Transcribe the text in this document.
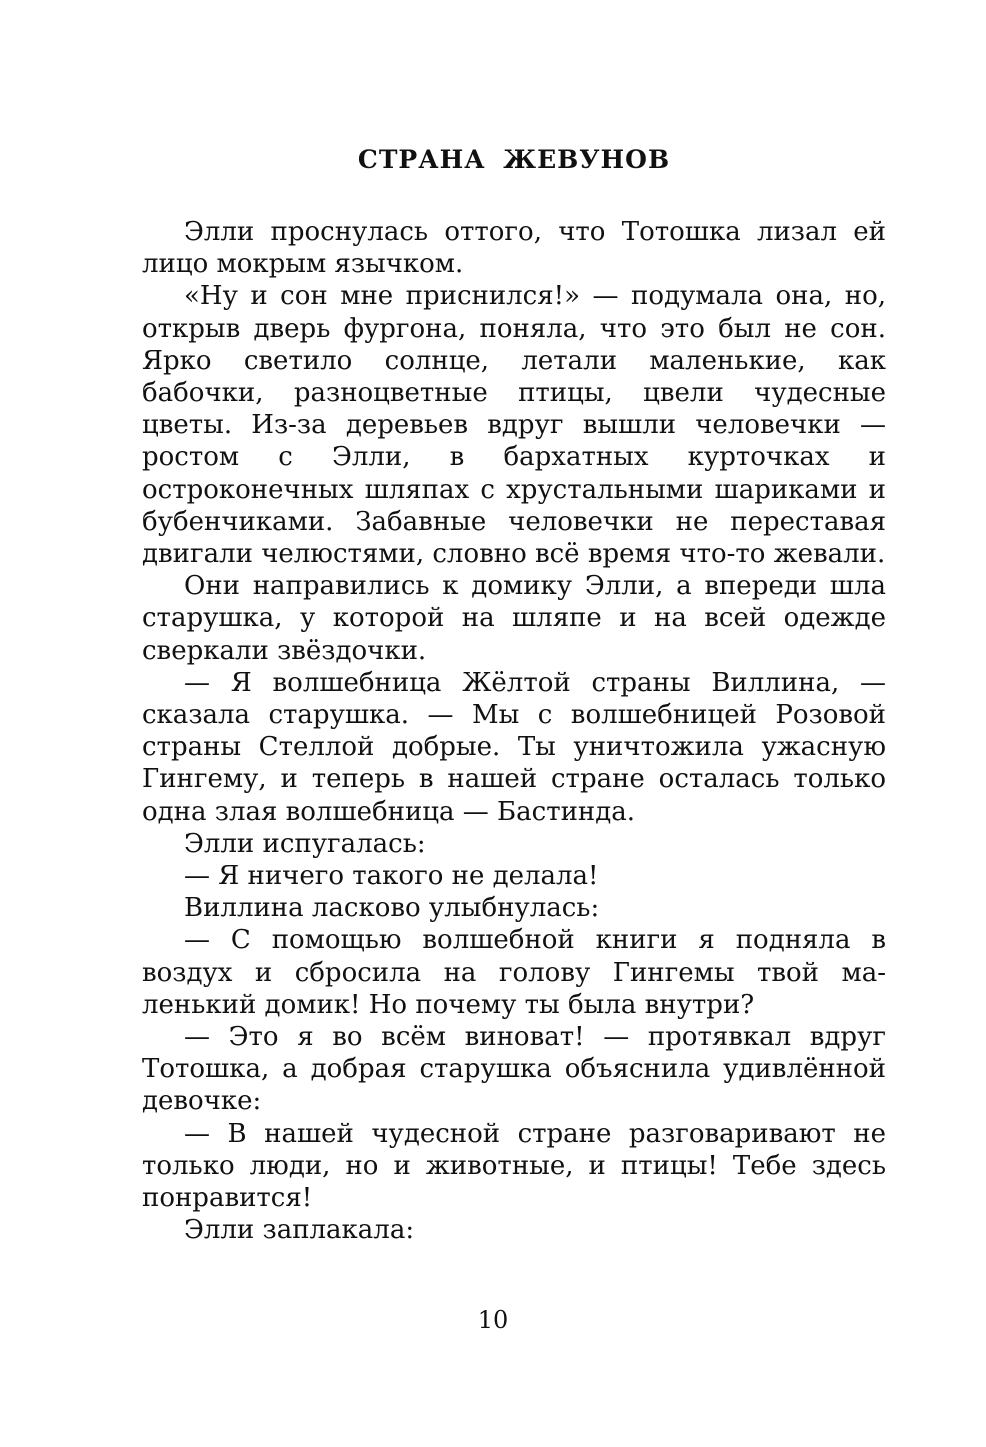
СТРАНА ЖЕВУНОВ

Элли проснулась оттого, что Тотошка лизал ей лицо мокрым язычком.

«Ну и сон мне приснился!» — подумала она, но, открыв дверь фургона, поняла, что это был не сон. Ярко светило солнце, летали маленькие, как бабочки, разноцветные птицы, цвели чудесные цветы. Из-за деревьев вдруг вышли человечки — ростом с Элли, в бархатных курточках и остроконечных шляпах с хрустальными шариками и бубенчиками. Забавные человечки не переставая двигали челюстями, словно всё время что-то жевали.

Они направились к домику Элли, а впереди шла старушка, у которой на шляпе и на всей одежде сверкали звёздочки.

— Я волшебница Жёлтой страны Виллина, — сказала старушка. — Мы с волшебницей Розовой страны Стеллой добрые. Ты уничтожила ужасную Гингему, и теперь в нашей стране осталась только одна злая волшебница — Бастинда.

Элли испугалась:

— Я ничего такого не делала!

Виллина ласково улыбнулась:

— С помощью волшебной книги я подняла в воздух и сбросила на голову Гингемы твой маленький домик! Но почему ты была внутри?

— Это я во всём виноват! — протявкал вдруг Тотошка, а добрая старушка объяснила удивлённой девочке:

— В нашей чудесной стране разговаривают не только люди, но и животные, и птицы! Тебе здесь понравится!

Элли заплакала:

10
